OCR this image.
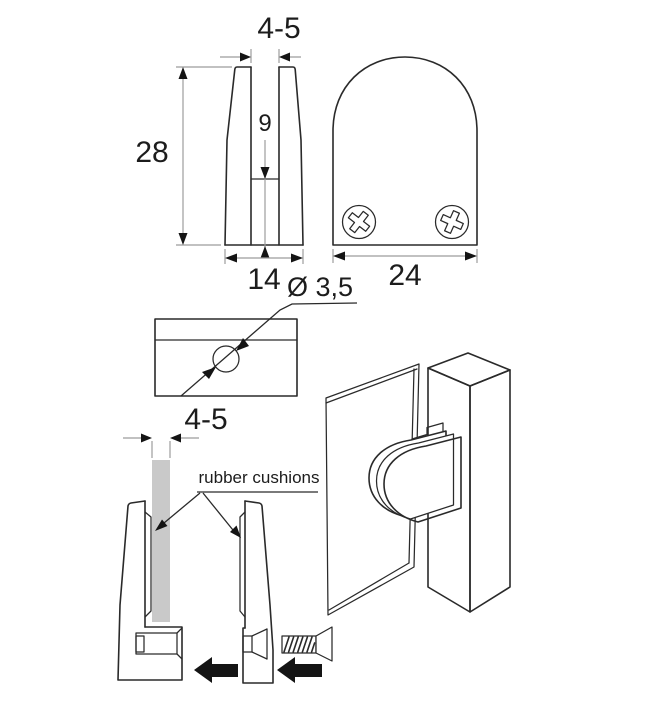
4-5
28
9
14	24
Ø 3,5
4-5
rubber cushions
